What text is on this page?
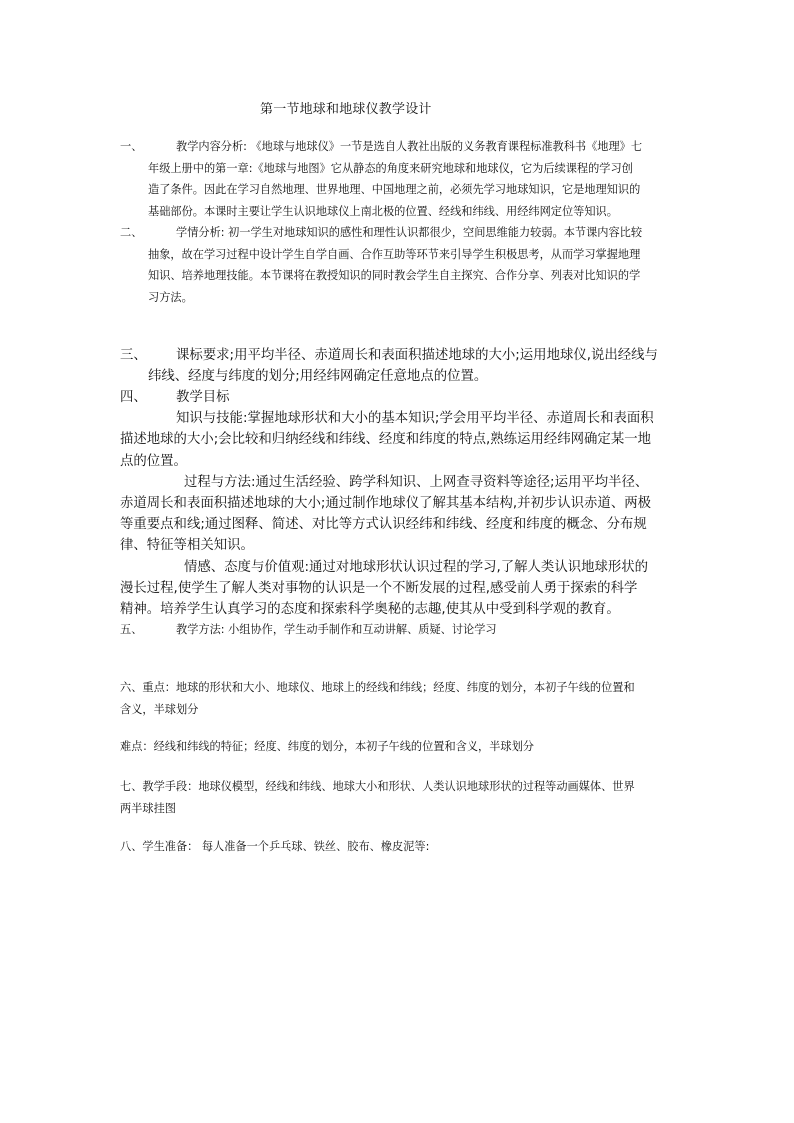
第一节地球和地球仪教学设计
一、	教学内容分析: 《地球与地球仪》一节是选自人教社出版的义务教育课程标准教科书《地理》七
年级上册中的第一章:《地球与地图》它从静态的角度来研究地球和地球仪，它为后续课程的学习创
造了条件。因此在学习自然地理、世界地理、中国地理之前，必须先学习地球知识，它是地理知识的
基础部份。本课时主要让学生认识地球仪上南北极的位置、经线和纬线、用经纬网定位等知识。
二、	学情分析: 初一学生对地球知识的感性和理性认识都很少，空间思维能力较弱。本节课内容比较
抽象，故在学习过程中设计学生自学自画、合作互助等环节来引导学生积极思考，从而学习掌握地理
知识、培养地理技能。本节课将在教授知识的同时教会学生自主探究、合作分享、列表对比知识的学
习方法。
三、 课标要求;用平均半径、赤道周长和表面积描述地球的大小;运用地球仪,说出经线与
纬线、经度与纬度的划分;用经纬网确定任意地点的位置。
四、 教学目标
知识与技能:掌握地球形状和大小的基本知识;学会用平均半径、赤道周长和表面积
描述地球的大小;会比较和归纳经线和纬线、经度和纬度的特点,熟练运用经纬网确定某一地
点的位置。
过程与方法:通过生活经验、跨学科知识、上网查寻资料等途径;运用平均半径、
赤道周长和表面积描述地球的大小;通过制作地球仪了解其基本结构,并初步认识赤道、两极
等重要点和线;通过图释、简述、对比等方式认识经纬和纬线、经度和纬度的概念、分布规
律、特征等相关知识。
情感、态度与价值观:通过对地球形状认识过程的学习,了解人类认识地球形状的
漫长过程,使学生了解人类对事物的认识是一个不断发展的过程,感受前人勇于探索的科学
精神。培养学生认真学习的态度和探索科学奥秘的志趣,使其从中受到科学观的教育。
五、	教学方法: 小组协作，学生动手制作和互动讲解、质疑、讨论学习
六、重点：地球的形状和大小、地球仪、地球上的经线和纬线；经度、纬度的划分，本初子午线的位置和
含义，半球划分
难点：经线和纬线的特征；经度、纬度的划分，本初子午线的位置和含义，半球划分
七、教学手段：地球仪模型，经线和纬线、地球大小和形状、人类认识地球形状的过程等动画媒体、世界
两半球挂图
八、学生准备： 每人准备一个乒乓球、铁丝、胶布、橡皮泥等:
